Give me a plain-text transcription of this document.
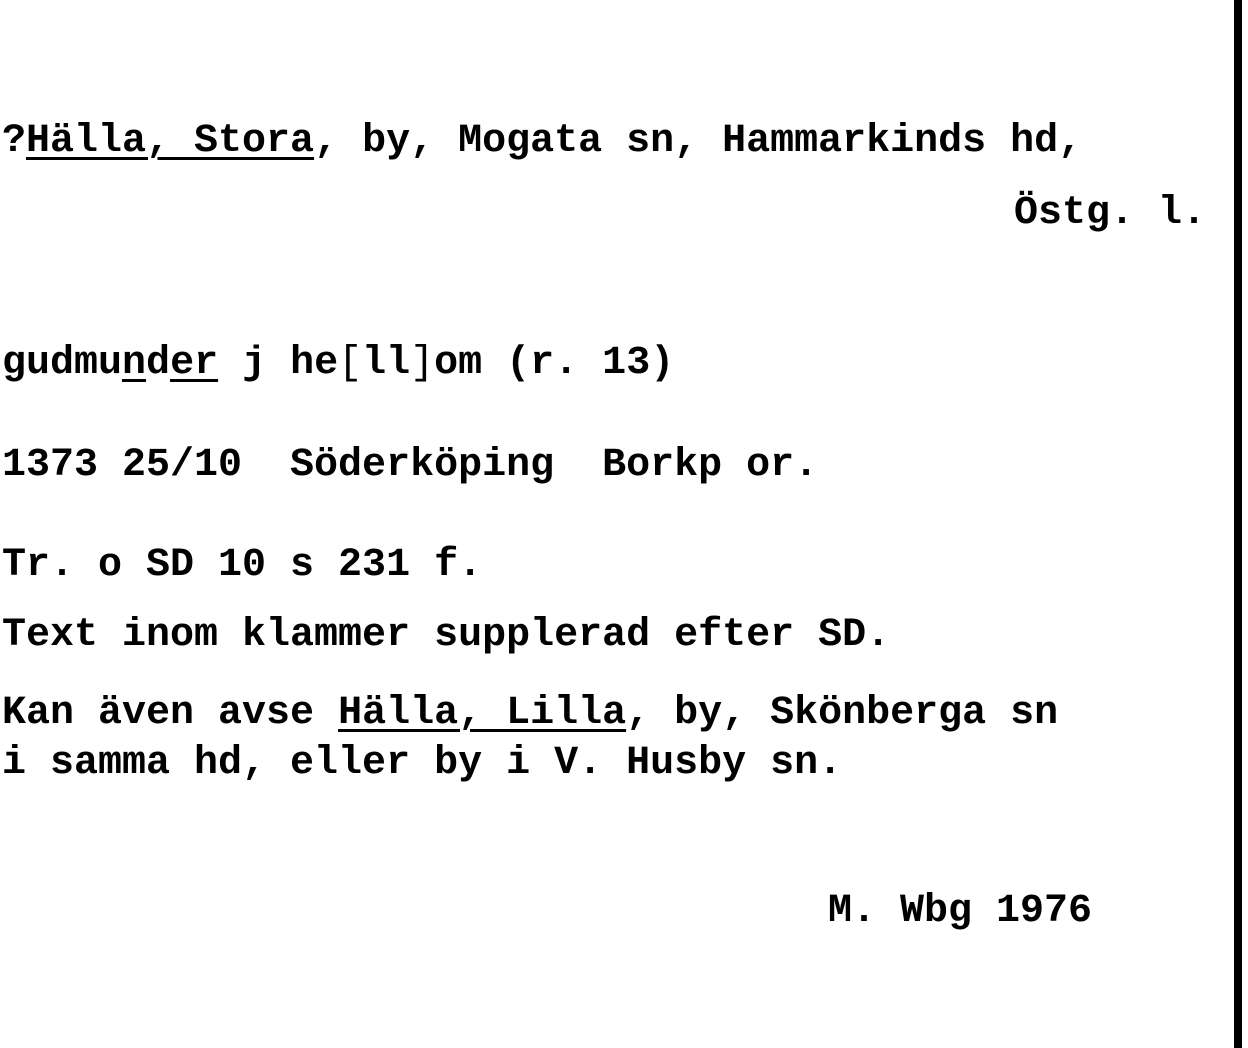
?Hälla, Stora, by, Mogata sn, Hammarkinds hd,
Östg. l.
gudmunder j he[ll]om (r. 13)
1373 25/10  Söderköping  Borkp or.
Tr. o SD 10 s 231 f.
Text inom klammer supplerad efter SD.
Kan även avse Hälla, Lilla, by, Skönberga sn
i samma hd, eller by i V. Husby sn.
M. Wbg 1976
